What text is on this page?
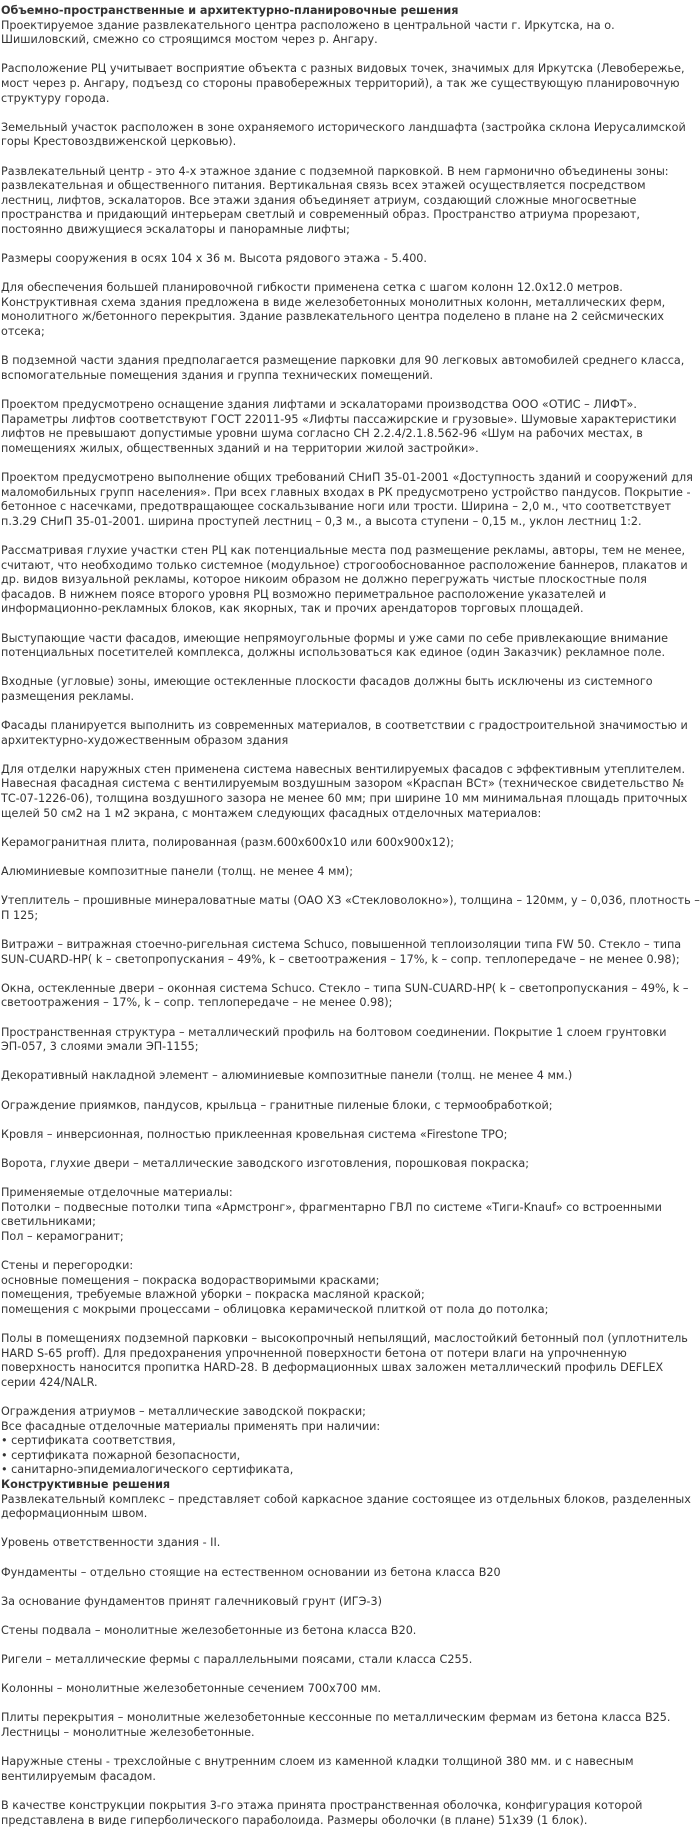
Объемно-пространственные и архитектурно-планировочные решения

Проектируемое здание развлекательного центра расположено в центральной части г. Иркутска, на о. Шишиловский, смежно со строящимся мостом через р. Ангару.

Расположение РЦ учитывает восприятие объекта с разных видовых точек, значимых для Иркутска (Левобережье, мост через р. Ангару, подъезд со стороны правобережных территорий), а так же существующую планировочную структуру города.

Земельный участок расположен в зоне охраняемого исторического ландшафта (застройка склона Иерусалимской горы Крестовоздвиженской церковью).

Развлекательный центр - это 4-х этажное здание с подземной парковкой. В нем гармонично объединены зоны: развлекательная и общественного питания. Вертикальная связь всех этажей осуществляется посредством лестниц, лифтов, эскалаторов. Все этажи здания объединяет атриум, создающий сложные многосветные пространства и придающий интерьерам светлый и современный образ. Пространство атриума прорезают, постоянно движущиеся эскалаторы и панорамные лифты;

Размеры сооружения в осях 104 х 36 м. Высота рядового этажа - 5.400.

Для обеспечения большей планировочной гибкости применена сетка с шагом колонн 12.0х12.0 метров. Конструктивная схема здания предложена в виде железобетонных монолитных колонн, металлических ферм, монолитного ж/бетонного перекрытия. Здание развлекательного центра поделено в плане на 2 сейсмических отсека;

В подземной части здания предполагается размещение парковки для 90 легковых автомобилей среднего класса, вспомогательные помещения здания и группа технических помещений.

Проектом предусмотрено оснащение здания лифтами и эскалаторами производства ООО «ОТИС – ЛИФТ». Параметры лифтов соответствуют ГОСТ 22011-95 «Лифты пассажирские и грузовые». Шумовые характеристики лифтов не превышают допустимые уровни шума согласно СН 2.2.4/2.1.8.562-96 «Шум на рабочих местах, в помещениях жилых, общественных зданий и на территории жилой застройки».

Проектом предусмотрено выполнение общих требований СНиП 35-01-2001 «Доступность зданий и сооружений для маломобильных групп населения». При всех главных входах в РК предусмотрено устройство пандусов. Покрытие - бетонное с насечками, предотвращающее соскальзывание ноги или трости. Ширина – 2,0 м., что соответствует п.3.29 СНиП 35-01-2001. ширина проступей лестниц – 0,3 м., а высота ступени – 0,15 м., уклон лестниц 1:2.

Рассматривая глухие участки стен РЦ как потенциальные места под размещение рекламы, авторы, тем не менее, считают, что необходимо только системное (модульное) строгообоснованное расположение баннеров, плакатов и др. видов визуальной рекламы, которое никоим образом не должно перегружать чистые плоскостные поля фасадов. В нижнем поясе второго уровня РЦ возможно периметральное расположение указателей и информационно-рекламных блоков, как якорных, так и прочих арендаторов торговых площадей.

Выступающие части фасадов, имеющие непрямоугольные формы и уже сами по себе привлекающие внимание потенциальных посетителей комплекса, должны использоваться как единое (один Заказчик) рекламное поле.

Входные (угловые) зоны, имеющие остекленные плоскости фасадов должны быть исключены из системного размещения рекламы.

Фасады планируется выполнить из современных материалов, в соответствии с градостроительной значимостью и архитектурно-художественным образом здания

Для отделки наружных стен применена система навесных вентилируемых фасадов с эффективным утеплителем. Навесная фасадная система с вентилируемым воздушным зазором «Краспан ВСт» (техническое свидетельство № ТС-07-1226-06), толщина воздушного зазора не менее 60 мм; при ширине 10 мм минимальная площадь приточных щелей 50 см2 на 1 м2 экрана, с монтажем следующих фасадных отделочных материалов:

Керамогранитная плита, полированная (разм.600х600х10 или 600х900х12);

Алюминиевые композитные панели (толщ. не менее 4 мм);

Утеплитель – прошивные минераловатные маты (ОАО ХЗ «Стекловолокно»), толщина – 120мм, у – 0,036, плотность – П 125;

Витражи – витражная стоечно-ригельная система Schuco, повышенной теплоизоляции типа FW 50. Стекло – типа SUN-CUARD-HP( k – светопропускания – 49%, k – светоотражения – 17%, k – сопр. теплопередаче – не менее 0.98);

Окна, остекленные двери – оконная система Schuco. Стекло – типа SUN-CUARD-HP( k – светопропускания – 49%, k – светоотражения – 17%, k – сопр. теплопередаче – не менее 0.98);

Пространственная структура – металлический профиль на болтовом соединении. Покрытие 1 слоем грунтовки ЭП-057, 3 слоями эмали ЭП-1155;

Декоративный накладной элемент – алюминиевые композитные панели (толщ. не менее 4 мм.)

Ограждение приямков, пандусов, крыльца – гранитные пиленые блоки, с термообработкой;

Кровля – инверсионная, полностью приклеенная кровельная система «Firestone TPO;

Ворота, глухие двери – металлические заводского изготовления, порошковая покраска;

Применяемые отделочные материалы:
Потолки – подвесные потолки типа «Армстронг», фрагментарно ГВЛ по системе «Тиги-Knauf» со встроенными светильниками;
Пол – керамогранит;

Стены и перегородки:
основные помещения – покраска водорастворимыми красками;
помещения, требуемые влажной уборки – покраска масляной краской;
помещения с мокрыми процессами – облицовка керамической плиткой от пола до потолка;

Полы в помещениях подземной парковки – высокопрочный непылящий, маслостойкий бетонный пол (уплотнитель HARD S-65 proff). Для предохранения упрочненной поверхности бетона от потери влаги на упрочненную поверхность наносится пропитка HARD-28. В деформационных швах заложен металлический профиль DEFLEX серии 424/NALR.

Ограждения атриумов – металлические заводской покраски;
Все фасадные отделочные материалы применять при наличии:
• сертификата соответствия,
• сертификата пожарной безопасности,
• санитарно-эпидемиалогического сертификата,

Конструктивные решения

Развлекательный комплекс – представляет собой каркасное здание состоящее из отдельных блоков, разделенных деформационным швом.

Уровень ответственности здания - II.

Фундаменты – отдельно стоящие на естественном основании из бетона класса В20

За основание фундаментов принят галечниковый грунт (ИГЭ-3)

Стены подвала – монолитные железобетонные из бетона класса В20.

Ригели – металлические фермы с параллельными поясами, стали класса С255.

Колонны – монолитные железобетонные сечением 700х700 мм.

Плиты перекрытия – монолитные железобетонные кессонные по металлическим фермам из бетона класса В25.
Лестницы – монолитные железобетонные.

Наружные стены - трехслойные с внутренним слоем из каменной кладки толщиной 380 мм. и с навесным вентилируемым фасадом.

В качестве конструкции покрытия 3-го этажа принята пространственная оболочка, конфигурация которой представлена в виде гиперболического параболоида. Размеры оболочки (в плане) 51х39 (1 блок).
